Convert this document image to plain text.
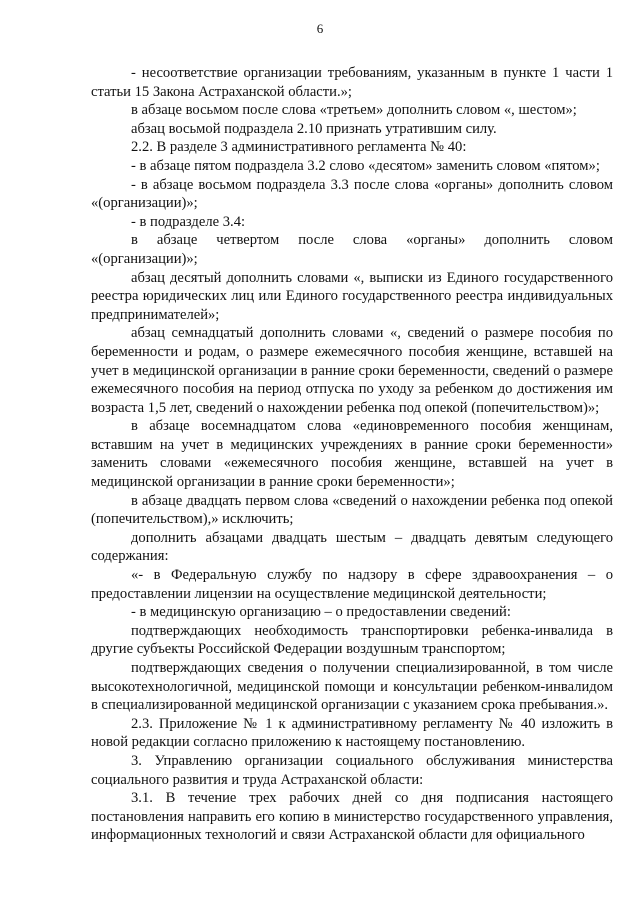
6

- несоответствие организации требованиям, указанным в пункте 1 части 1 статьи 15 Закона Астраханской области.»;

в абзаце восьмом после слова «третьем» дополнить словом «, шестом»;

абзац восьмой подраздела 2.10 признать утратившим силу.

2.2. В разделе 3 административного регламента № 40:

- в абзаце пятом подраздела 3.2 слово «десятом» заменить словом «пятом»;

- в абзаце восьмом подраздела 3.3 после слова «органы» дополнить словом «(организации)»;

- в подразделе 3.4:

в абзаце четвертом после слова «органы» дополнить словом «(организации)»;

абзац десятый дополнить словами «, выписки из Единого государственного реестра юридических лиц или Единого государственного реестра индивидуальных предпринимателей»;

абзац семнадцатый дополнить словами «, сведений о размере пособия по беременности и родам, о размере ежемесячного пособия женщине, вставшей на учет в медицинской организации в ранние сроки беременности, сведений о размере ежемесячного пособия на период отпуска по уходу за ребенком до достижения им возраста 1,5 лет, сведений о нахождении ребенка под опекой (попечительством)»;

в абзаце восемнадцатом слова «единовременного пособия женщинам, вставшим на учет в медицинских учреждениях в ранние сроки беременности» заменить словами «ежемесячного пособия женщине, вставшей на учет в медицинской организации в ранние сроки беременности»;

в абзаце двадцать первом слова «сведений о нахождении ребенка под опекой (попечительством),» исключить;

дополнить абзацами двадцать шестым – двадцать девятым следующего содержания:

«- в Федеральную службу по надзору в сфере здравоохранения – о предоставлении лицензии на осуществление медицинской деятельности;

- в медицинскую организацию – о предоставлении сведений:

подтверждающих необходимость транспортировки ребенка-инвалида в другие субъекты Российской Федерации воздушным транспортом;

подтверждающих сведения о получении специализированной, в том числе высокотехнологичной, медицинской помощи и консультации ребенком-инвалидом в специализированной медицинской организации с указанием срока пребывания.».

2.3. Приложение № 1 к административному регламенту № 40 изложить в новой редакции согласно приложению к настоящему постановлению.

3. Управлению организации социального обслуживания министерства социального развития и труда Астраханской области:

3.1. В течение трех рабочих дней со дня подписания настоящего постановления направить его копию в министерство государственного управления, информационных технологий и связи Астраханской области для официального
